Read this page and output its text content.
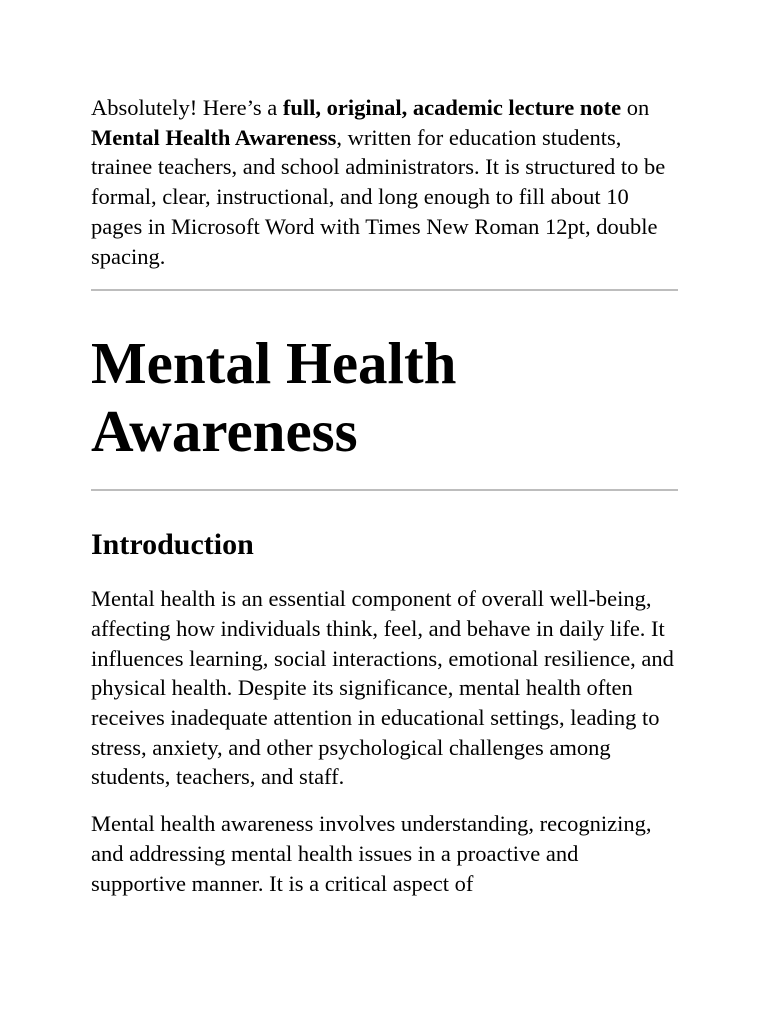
Absolutely! Here’s a full, original, academic lecture note on Mental Health Awareness, written for education students, trainee teachers, and school administrators. It is structured to be formal, clear, instructional, and long enough to fill about 10 pages in Microsoft Word with Times New Roman 12pt, double spacing.

Mental Health Awareness
Introduction

Mental health is an essential component of overall well-being, affecting how individuals think, feel, and behave in daily life. It influences learning, social interactions, emotional resilience, and physical health. Despite its significance, mental health often receives inadequate attention in educational settings, leading to stress, anxiety, and other psychological challenges among students, teachers, and staff.

Mental health awareness involves understanding, recognizing, and addressing mental health issues in a proactive and supportive manner. It is a critical aspect of
